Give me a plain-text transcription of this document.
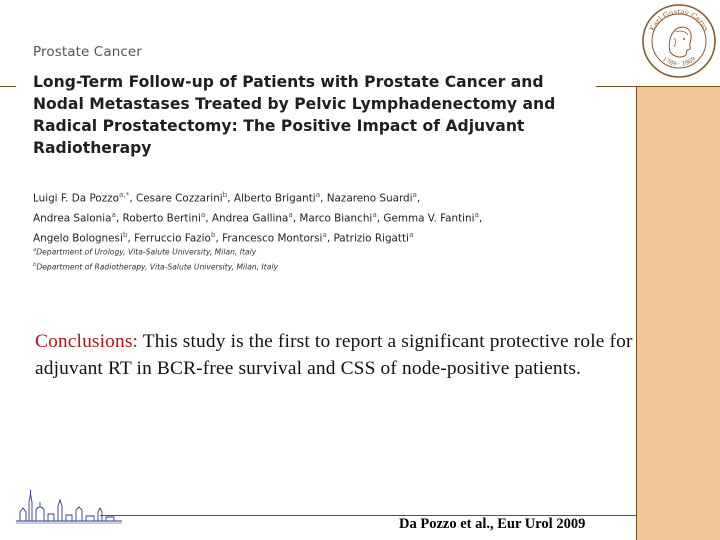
Karl Gustav Carus
1789 · 1869
Prostate Cancer
Long-Term Follow-up of Patients with Prostate Cancer and
Nodal Metastases Treated by Pelvic Lymphadenectomy and
Radical Prostatectomy: The Positive Impact of Adjuvant
Radiotherapy
Luigi F. Da Pozzo$^{a,*}$, Cesare Cozzarini$^b$, Alberto Briganti$^a$, Nazareno Suardi$^a$,
Andrea Salonia$^a$, Roberto Bertini$^a$, Andrea Gallina$^a$, Marco Bianchi$^a$, Gemma V. Fantini$^a$,
Angelo Bolognesi$^b$, Ferruccio Fazio$^b$, Francesco Montorsi$^a$, Patrizio Rigatti$^a$
$^a$Department of Urology, Vita-Salute University, Milan, Italy
$^b$Department of Radiotherapy, Vita-Salute University, Milan, Italy
Conclusions: This study is the first to report a significant protective role for adjuvant RT in BCR-free survival and CSS of node-positive patients.
Da Pozzo et al., Eur Urol 2009
